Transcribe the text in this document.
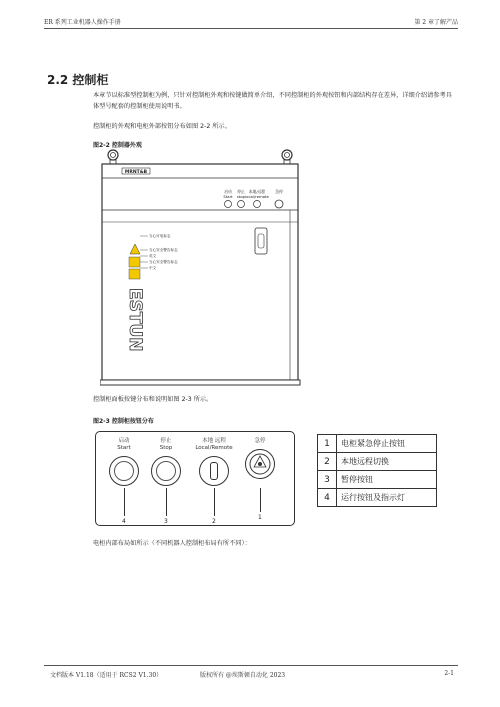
ER 系列工业机器人操作手册	第 2 章了解产品
2.2 控制柜
本章节以标准型控制柜为例，只针对控制柜外观和按键做简单介绍，不同控制柜的外观按钮和内部结构存在差异，详细介绍请参考具体型号配套的控制柜使用说明书。
控制柜的外观和电柜外部按钮分布如图 2-2 所示。
图2-2 控制器外观
MRNT&B
启动 停止 本地/远程	急停
Start stop local/remote
当心可电标志
当心安全警告标志
英文
当心安全警告标志
中文
ESTUN
控制柜面板按键分布和说明如图 2-3 所示。
图2-3 控制柜按钮分布
启动
Start
停止
Stop
本地 远程
Local/Remote
急停
4	3	2
1
1	电柜紧急停止按钮
2	本地远程切换
3	暂停按钮
4	运行按钮及指示灯
电柜内部布局如所示（不同机器人控制柜布局有所不同）：
文档版本 V1.18（适用于 RCS2 V1.30）	版权所有 @埃斯顿自动化 2023	2-1
